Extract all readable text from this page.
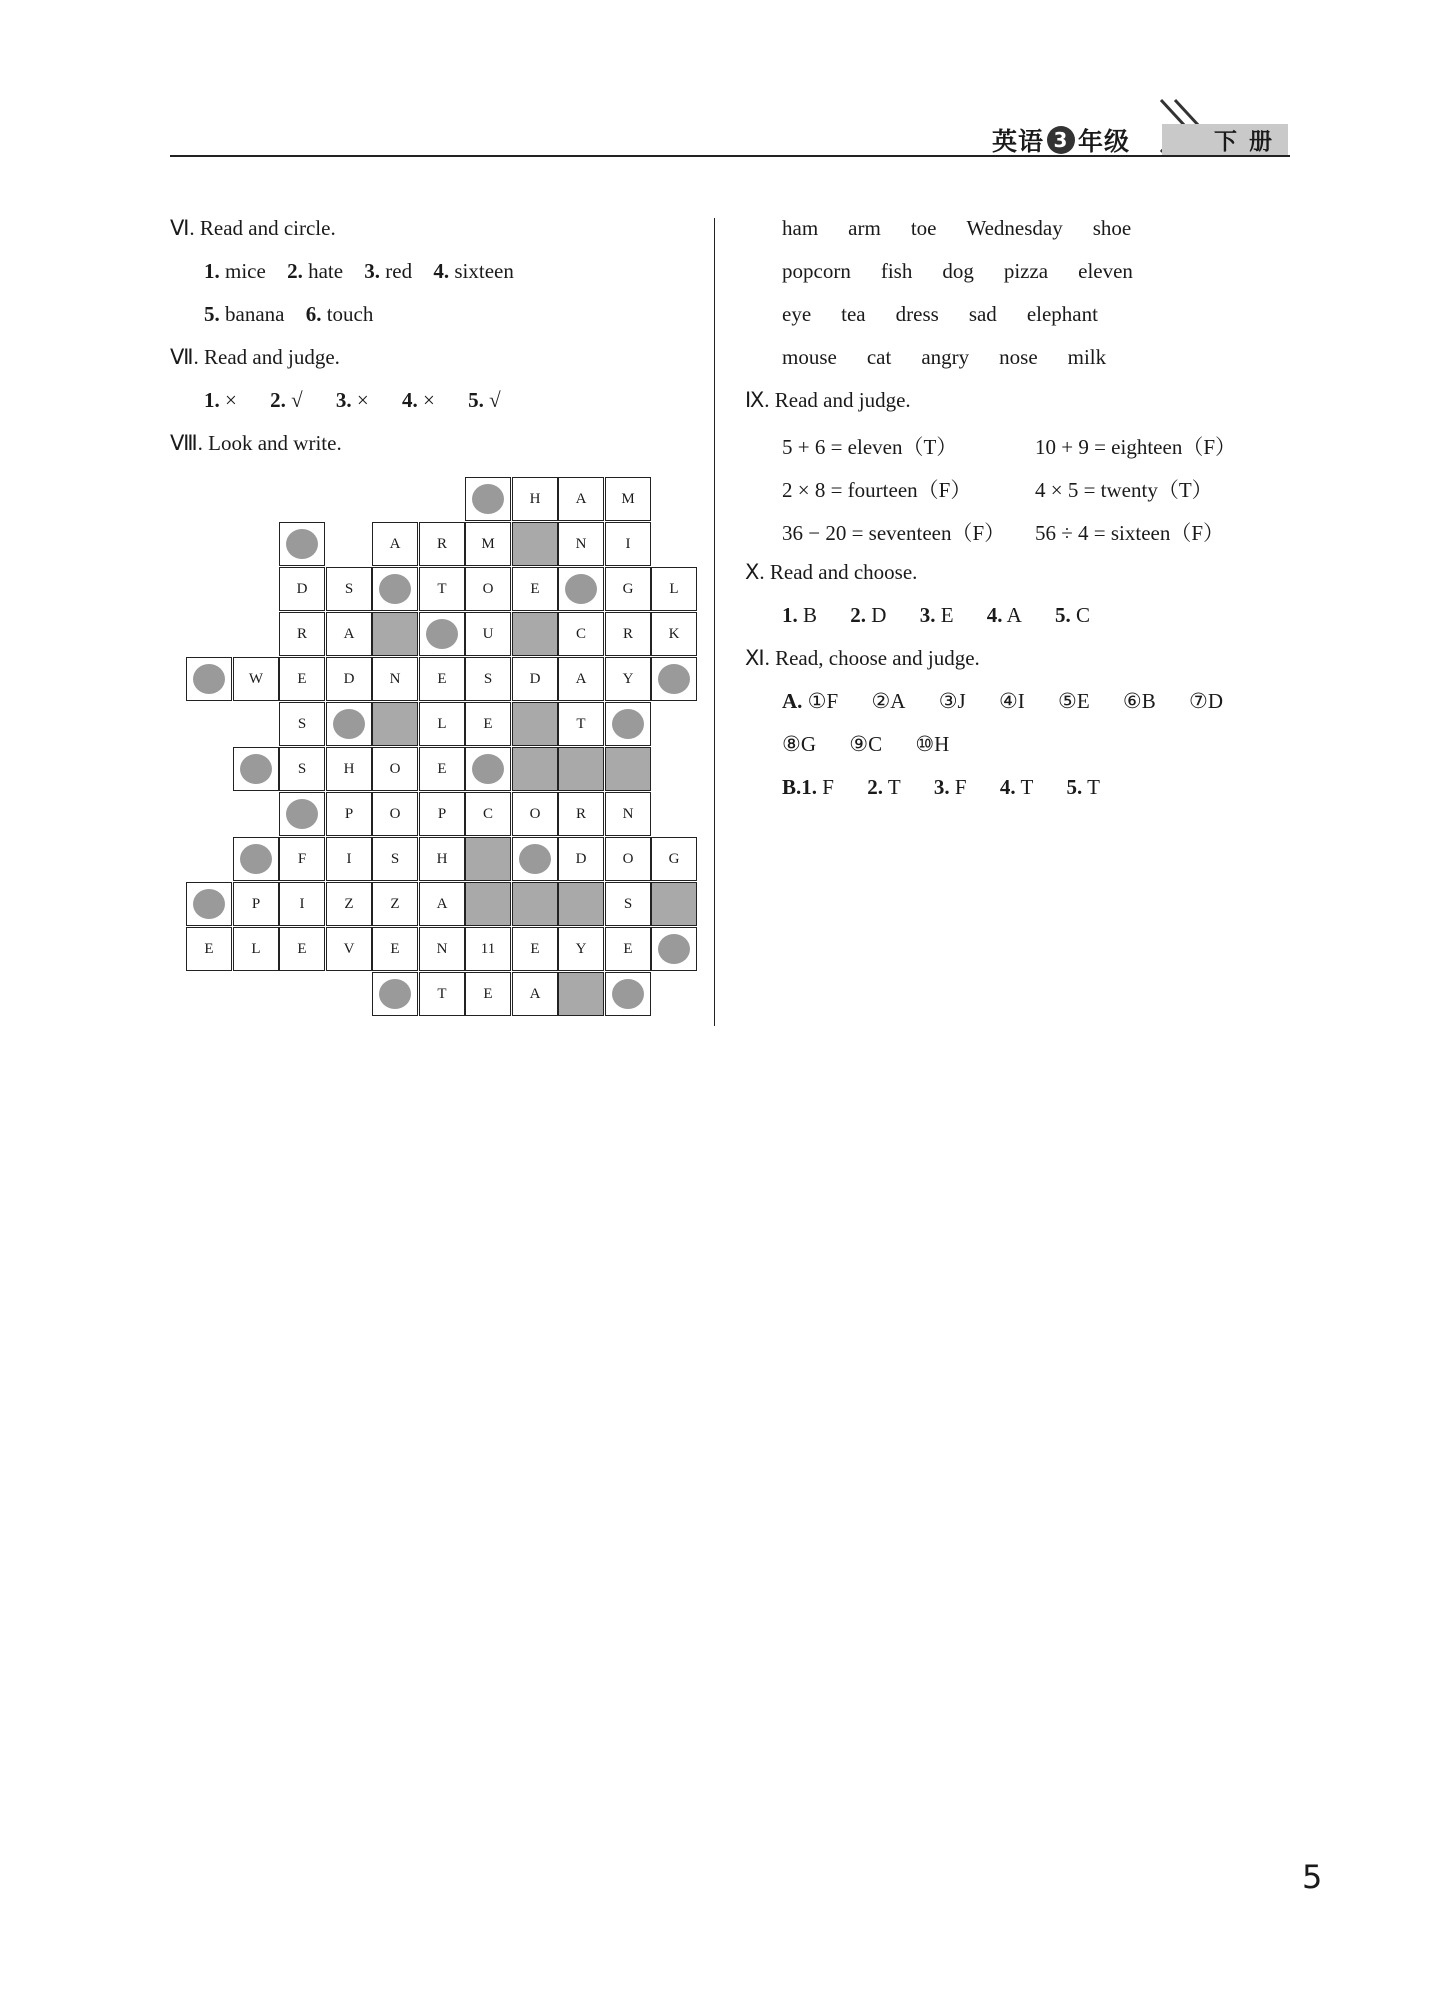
英语 3 年级	下 册
Ⅵ. Read and circle.
1. mice 2. hate 3. red 4. sixteen
5. banana 6. touch
Ⅶ. Read and judge.
1. × 2. √ 3. × 4. × 5. √
Ⅷ. Look and write.
H	A	M
A	R	M	N	I
D	S	T	O	E	G	L
R	A	U	C	R	K
W	E	D	N	E	S	D	A	Y
S	L	E	T
S	H	O	E
P	O	P	C	O	R	N
F	I	S	H	D	O	G
P	I	Z	Z	A	S
E	L	E	V	E	N	11	E	Y	E
T	E	A
ham arm toe Wednesday shoe
popcorn fish dog pizza eleven
eye tea dress sad elephant
mouse cat angry nose milk
Ⅸ. Read and judge.
5 + 6 = eleven（T）	10 + 9 = eighteen（F）
2 × 8 = fourteen（F）	4 × 5 = twenty（T）
36 − 20 = seventeen（F） 56 ÷ 4 = sixteen（F）
Ⅹ. Read and choose.
1. B 2. D 3. E 4. A 5. C
Ⅺ. Read, choose and judge.
A. ①F ②A ③J ④I ⑤E ⑥B ⑦D
⑧G ⑨C ⑩H
B.1. F 2. T 3. F 4. T 5. T
5
